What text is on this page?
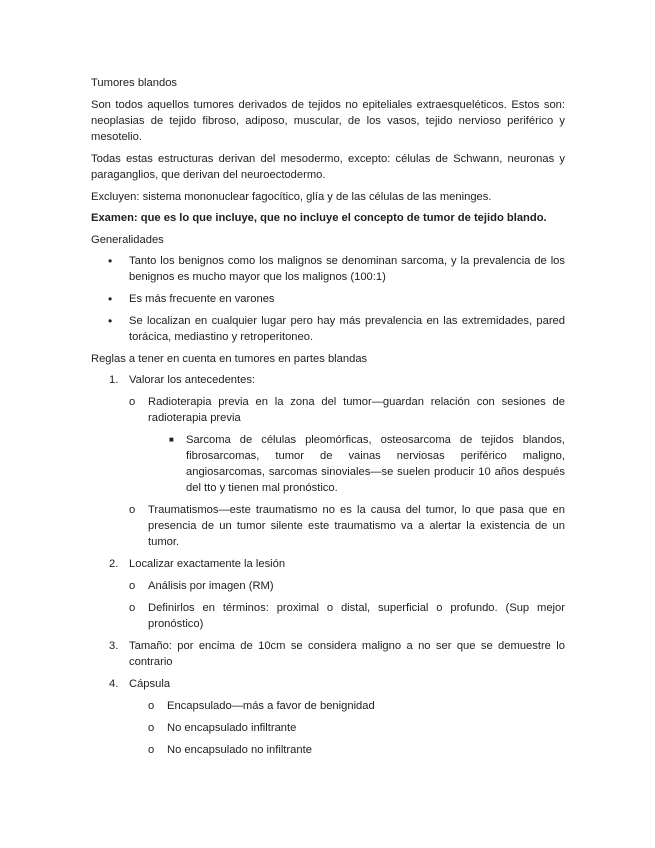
Tumores blandos

Son todos aquellos tumores derivados de tejidos no epiteliales extraesqueléticos. Estos son: neoplasias de tejido fibroso, adiposo, muscular, de los vasos, tejido nervioso periférico y mesotelio.

Todas estas estructuras derivan del mesodermo, excepto: células de Schwann, neuronas y paraganglios, que derivan del neuroectodermo.

Excluyen: sistema mononuclear fagocítico, glía y de las células de las meninges.

Examen: que es lo que incluye, que no incluye el concepto de tumor de tejido blando.

Generalidades

• Tanto los benignos como los malignos se denominan sarcoma, y la prevalencia de los benignos es mucho mayor que los malignos (100:1)
• Es más frecuente en varones
• Se localizan en cualquier lugar pero hay más prevalencia en las extremidades, pared torácica, mediastino y retroperitoneo.

Reglas a tener en cuenta en tumores en partes blandas

1. Valorar los antecedentes:
o Radioterapia previa en la zona del tumor—guardan relación con sesiones de radioterapia previa
■ Sarcoma de células pleomórficas, osteosarcoma de tejidos blandos, fibrosarcomas, tumor de vainas nerviosas periférico maligno, angiosarcomas, sarcomas sinoviales—se suelen producir 10 años después del tto y tienen mal pronóstico.
o Traumatismos—este traumatismo no es la causa del tumor, lo que pasa que en presencia de un tumor silente este traumatismo va a alertar la existencia de un tumor.
2. Localizar exactamente la lesión
o Análisis por imagen (RM)
o Definirlos en términos: proximal o distal, superficial o profundo. (Sup mejor pronóstico)
3. Tamaño: por encima de 10cm se considera maligno a no ser que se demuestre lo contrario
4. Cápsula
o Encapsulado—más a favor de benignidad
o No encapsulado infiltrante
o No encapsulado no infiltrante
